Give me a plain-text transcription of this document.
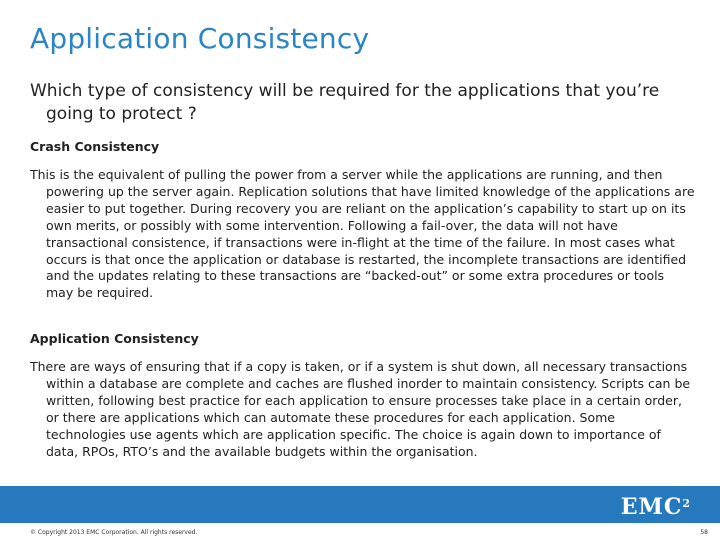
Application Consistency
Which type of consistency will be required for the applications that you’re going to protect ?
Crash Consistency
This is the equivalent of pulling the power from a server while the applications are running, and then powering up the server again. Replication solutions that have limited knowledge of the applications are easier to put together. During recovery you are reliant on the application’s capability to start up on its own merits, or possibly with some intervention. Following a fail-over, the data will not have transactional consistence, if transactions were in-flight at the time of the failure. In most cases what occurs is that once the application or database is restarted, the incomplete transactions are identified and the updates relating to these transactions are “backed-out” or some extra procedures or tools may be required.
Application Consistency
There are ways of ensuring that if a copy is taken, or if a system is shut down, all necessary transactions within a database are complete and caches are flushed inorder to maintain consistency. Scripts can be written, following best practice for each application to ensure processes take place in a certain order, or there are applications which can automate these procedures for each application. Some technologies use agents which are application specific. The choice is again down to importance of data, RPOs, RTO’s and the available budgets within the organisation.
EMC$^2$
© Copyright 2013 EMC Corporation. All rights reserved.	58
